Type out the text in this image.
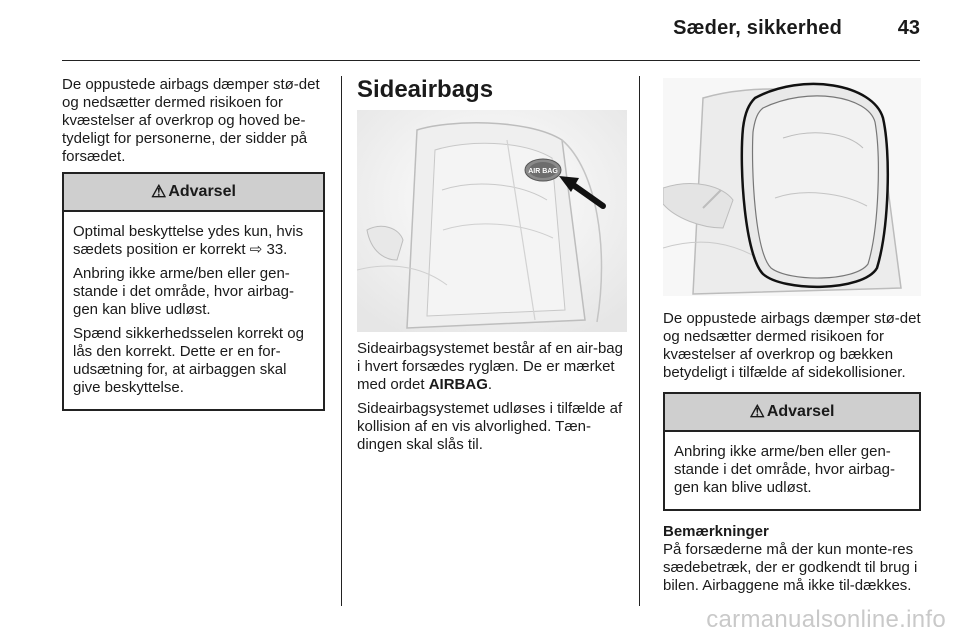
Sæder, sikkerhed	43

De oppustede airbags dæmper stø-det og nedsætter dermed risikoen for kvæstelser af overkrop og hoved be-tydeligt for personerne, der sidder på forsædet.

⚠ Advarsel

Optimal beskyttelse ydes kun, hvis sædets position er korrekt ⇨ 33.

Anbring ikke arme/ben eller gen-stande i det område, hvor airbag-gen kan blive udløst.

Spænd sikkerhedsselen korrekt og lås den korrekt. Dette er en for-udsætning for, at airbaggen skal give beskyttelse.

Sideairbags
AIR BAG

Sideairbagsystemet består af en air-bag i hvert forsædes ryglæn. De er mærket med ordet AIRBAG.

Sideairbagsystemet udløses i tilfælde af kollision af en vis alvorlighed. Tæn-dingen skal slås til.

De oppustede airbags dæmper stø-det og nedsætter dermed risikoen for kvæstelser af overkrop og bækken betydeligt i tilfælde af sidekollisioner.

⚠ Advarsel

Anbring ikke arme/ben eller gen-stande i det område, hvor airbag-gen kan blive udløst.

Bemærkninger

På forsæderne må der kun monte-res sædebetræk, der er godkendt til brug i bilen. Airbaggene må ikke til-dækkes.

carmanualsonline.info
